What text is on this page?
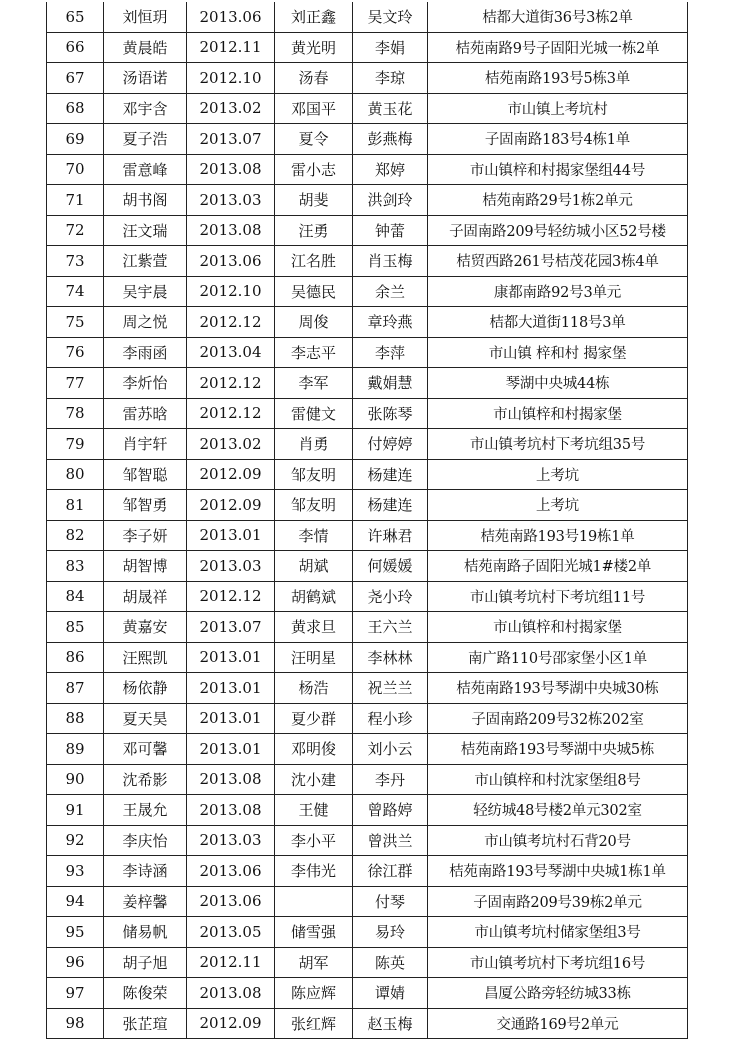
65	刘恒玥	2013.06	刘正鑫	吴文玲	桔都大道街36号3栋2单
66	黄晨皓	2012.11	黄光明	李娟	桔苑南路9号子固阳光城一栋2单
67	汤语诺	2012.10	汤春	李琼	桔苑南路193号5栋3单
68	邓宇含	2013.02	邓国平	黄玉花	市山镇上考坑村
69	夏子浩	2013.07	夏令	彭燕梅	子固南路183号4栋1单
70	雷意峰	2013.08	雷小志	郑婷	市山镇梓和村揭家堡组44号
71	胡书阁	2013.03	胡斐	洪剑玲	桔苑南路29号1栋2单元
72	汪文瑞	2013.08	汪勇	钟蕾	子固南路209号轻纺城小区52号楼
73	江紫萱	2013.06	江名胜	肖玉梅	桔贸西路261号桔茂花园3栋4单
74	吴宇晨	2012.10	吴德民	余兰	康都南路92号3单元
75	周之悦	2012.12	周俊	章玲燕	桔都大道街118号3单
76	李雨函	2013.04	李志平	李萍	市山镇 梓和村 揭家堡
77	李炘怡	2012.12	李军	戴娟慧	琴湖中央城44栋
78	雷苏晗	2012.12	雷健文	张陈琴	市山镇梓和村揭家堡
79	肖宇轩	2013.02	肖勇	付婷婷	市山镇考坑村下考坑组35号
80	邹智聪	2012.09	邹友明	杨建连	上考坑
81	邹智勇	2012.09	邹友明	杨建连	上考坑
82	李子妍	2013.01	李情	许琳君	桔苑南路193号19栋1单
83	胡智博	2013.03	胡斌	何媛媛	桔苑南路子固阳光城1#楼2单
84	胡晟祥	2012.12	胡鹤斌	尧小玲	市山镇考坑村下考坑组11号
85	黄嘉安	2013.07	黄求旦	王六兰	市山镇梓和村揭家堡
86	汪熙凯	2013.01	汪明星	李林林	南广路110号邵家堡小区1单
87	杨依静	2013.01	杨浩	祝兰兰	桔苑南路193号琴湖中央城30栋
88	夏天昊	2013.01	夏少群	程小珍	子固南路209号32栋202室
89	邓可馨	2013.01	邓明俊	刘小云	桔苑南路193号琴湖中央城5栋
90	沈希影	2013.08	沈小建	李丹	市山镇梓和村沈家堡组8号
91	王晟允	2013.08	王健	曾路婷	轻纺城48号楼2单元302室
92	李庆怡	2013.03	李小平	曾洪兰	市山镇考坑村石背20号
93	李诗涵	2013.06	李伟光	徐江群	桔苑南路193号琴湖中央城1栋1单
94	姜梓馨	2013.06		付琴	子固南路209号39栋2单元
95	储易帆	2013.05	储雪强	易玲	市山镇考坑村储家堡组3号
96	胡子旭	2012.11	胡军	陈英	市山镇考坑村下考坑组16号
97	陈俊荣	2013.08	陈应辉	谭婧	昌厦公路旁轻纺城33栋
98	张芷瑄	2012.09	张红辉	赵玉梅	交通路169号2单元
